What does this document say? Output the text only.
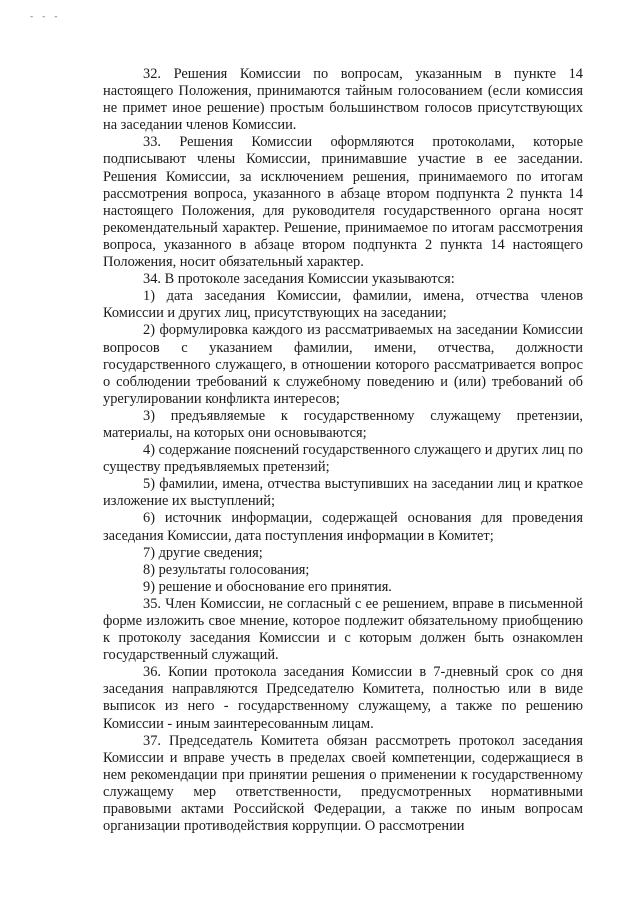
- - -

32. Решения Комиссии по вопросам, указанным в пункте 14 настоящего Положения, принимаются тайным голосованием (если комиссия не примет иное решение) простым большинством голосов присутствующих на заседании членов Комиссии.

33. Решения Комиссии оформляются протоколами, которые подписывают члены Комиссии, принимавшие участие в ее заседании. Решения Комиссии, за исключением решения, принимаемого по итогам рассмотрения вопроса, указанного в абзаце втором подпункта 2 пункта 14 настоящего Положения, для руководителя государственного органа носят рекомендательный характер. Решение, принимаемое по итогам рассмотрения вопроса, указанного в абзаце втором подпункта 2 пункта 14 настоящего Положения, носит обязательный характер.

34. В протоколе заседания Комиссии указываются:

1) дата заседания Комиссии, фамилии, имена, отчества членов Комиссии и других лиц, присутствующих на заседании;

2) формулировка каждого из рассматриваемых на заседании Комиссии вопросов с указанием фамилии, имени, отчества, должности государственного служащего, в отношении которого рассматривается вопрос о соблюдении требований к служебному поведению и (или) требований об урегулировании конфликта интересов;

3) предъявляемые к государственному служащему претензии, материалы, на которых они основываются;

4) содержание пояснений государственного служащего и других лиц по существу предъявляемых претензий;

5) фамилии, имена, отчества выступивших на заседании лиц и краткое изложение их выступлений;

6) источник информации, содержащей основания для проведения заседания Комиссии, дата поступления информации в Комитет;

7) другие сведения;

8) результаты голосования;

9) решение и обоснование его принятия.

35. Член Комиссии, не согласный с ее решением, вправе в письменной форме изложить свое мнение, которое подлежит обязательному приобщению к протоколу заседания Комиссии и с которым должен быть ознакомлен государственный служащий.

36. Копии протокола заседания Комиссии в 7-дневный срок со дня заседания направляются Председателю Комитета, полностью или в виде выписок из него - государственному служащему, а также по решению Комиссии - иным заинтересованным лицам.

37. Председатель Комитета обязан рассмотреть протокол заседания Комиссии и вправе учесть в пределах своей компетенции, содержащиеся в нем рекомендации при принятии решения о применении к государственному служащему мер ответственности, предусмотренных нормативными правовыми актами Российской Федерации, а также по иным вопросам организации противодействия коррупции. О рассмотрении
